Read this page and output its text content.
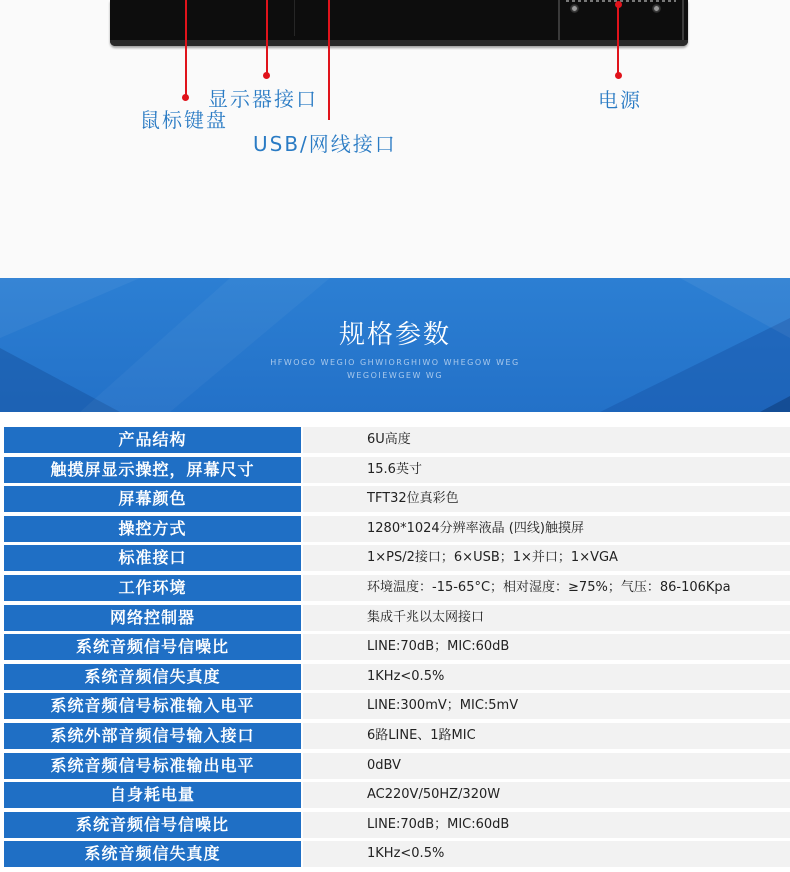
鼠标键盘
显示器接口
USB/网线接口
电源
规格参数
HFWOGO WEGIO GHWIORGHIWO WHEGOW WEG
WEGOIEWGEW WG
产品结构	6U高度
触摸屏显示操控，屏幕尺寸	15.6英寸
屏幕颜色	TFT32位真彩色
操控方式	1280*1024分辨率液晶 (四线)触摸屏
标准接口	1×PS/2接口；6×USB；1×并口；1×VGA
工作环境	环境温度：-15-65°C；相对湿度：≥75%；气压：86-106Kpa
网络控制器	集成千兆以太网接口
系统音频信号信噪比	LINE:70dB；MIC:60dB
系统音频信失真度	1KHz<0.5%
系统音频信号标准输入电平	LINE:300mV；MIC:5mV
系统外部音频信号输入接口	6路LINE、1路MIC
系统音频信号标准输出电平	0dBV
自身耗电量	AC220V/50HZ/320W
系统音频信号信噪比	LINE:70dB；MIC:60dB
系统音频信失真度	1KHz<0.5%
